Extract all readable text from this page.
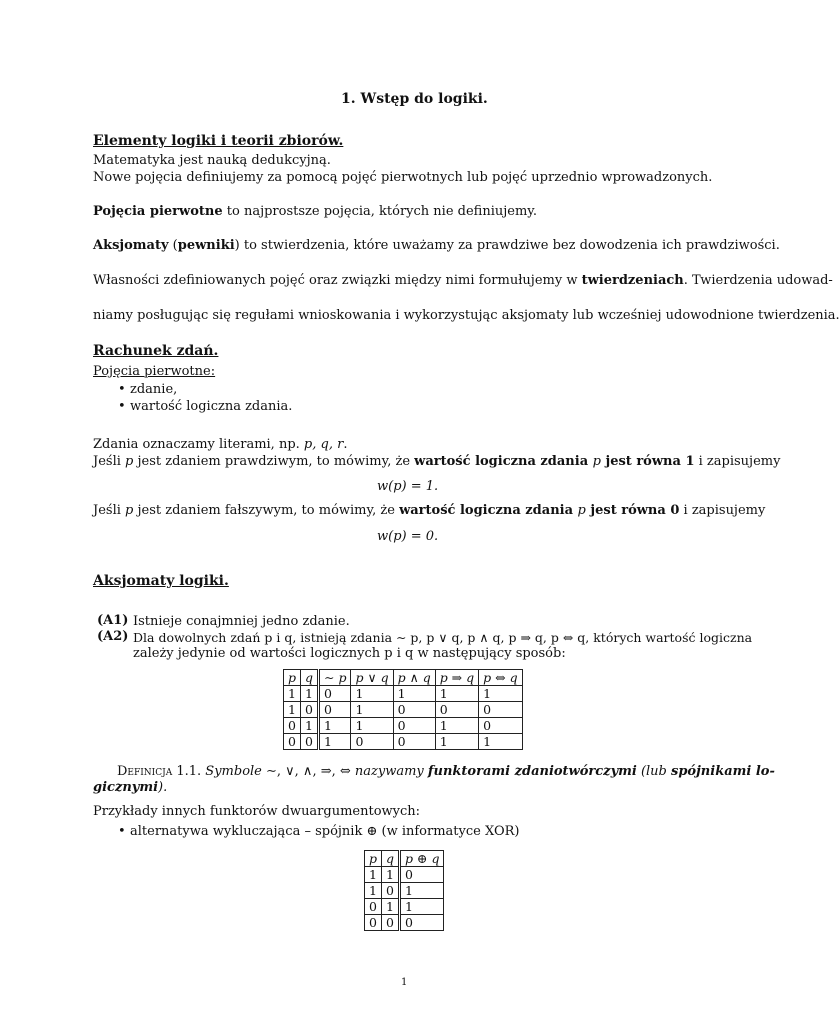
1. Wstęp do logiki.
Elementy logiki i teorii zbiorów.
Matematyka jest nauką dedukcyjną.
Nowe pojęcia definiujemy za pomocą pojęć pierwotnych lub pojęć uprzednio wprowadzonych.
Pojęcia pierwotne to najprostsze pojęcia, których nie definiujemy.
Aksjomaty (pewniki) to stwierdzenia, które uważamy za prawdziwe bez dowodzenia ich prawdziwości.
Własności zdefiniowanych pojęć oraz związki między nimi formułujemy w twierdzeniach. Twierdzenia udowad-
niamy posługując się regułami wnioskowania i wykorzystując aksjomaty lub wcześniej udowodnione twierdzenia.
Rachunek zdań.
Pojęcia pierwotne:
• zdanie,
• wartość logiczna zdania.
Zdania oznaczamy literami, np. p, q, r.
Jeśli p jest zdaniem prawdziwym, to mówimy, że wartość logiczna zdania p jest równa 1 i zapisujemy
w(p) = 1.
Jeśli p jest zdaniem fałszywym, to mówimy, że wartość logiczna zdania p jest równa 0 i zapisujemy
w(p) = 0.
Aksjomaty logiki.
(A1) Istnieje conajmniej jedno zdanie.
(A2) Dla dowolnych zdań p i q, istnieją zdania ∼ p, p ∨ q, p ∧ q, p ⇒ q, p ⇔ q, których wartość logiczna
zależy jedynie od wartości logicznych p i q w następujący sposób:
p	q	∼ p	p ∨ q	p ∧ q	p ⇒ q	p ⇔ q
1	1	0	1	1	1	1
1	0	0	1	0	0	0
0	1	1	1	0	1	0
0	0	1	0	0	1	1
Definicja 1.1. Symbole ∼, ∨, ∧, ⇒, ⇔ nazywamy funktorami zdaniotwórczymi (lub spójnikami lo-
gicznymi).
Przykłady innych funktorów dwuargumentowych:
• alternatywa wykluczająca – spójnik ⊕ (w informatyce XOR)
p	q	p ⊕ q
1	1	0
1	0	1
0	1	1
0	0	0
1
